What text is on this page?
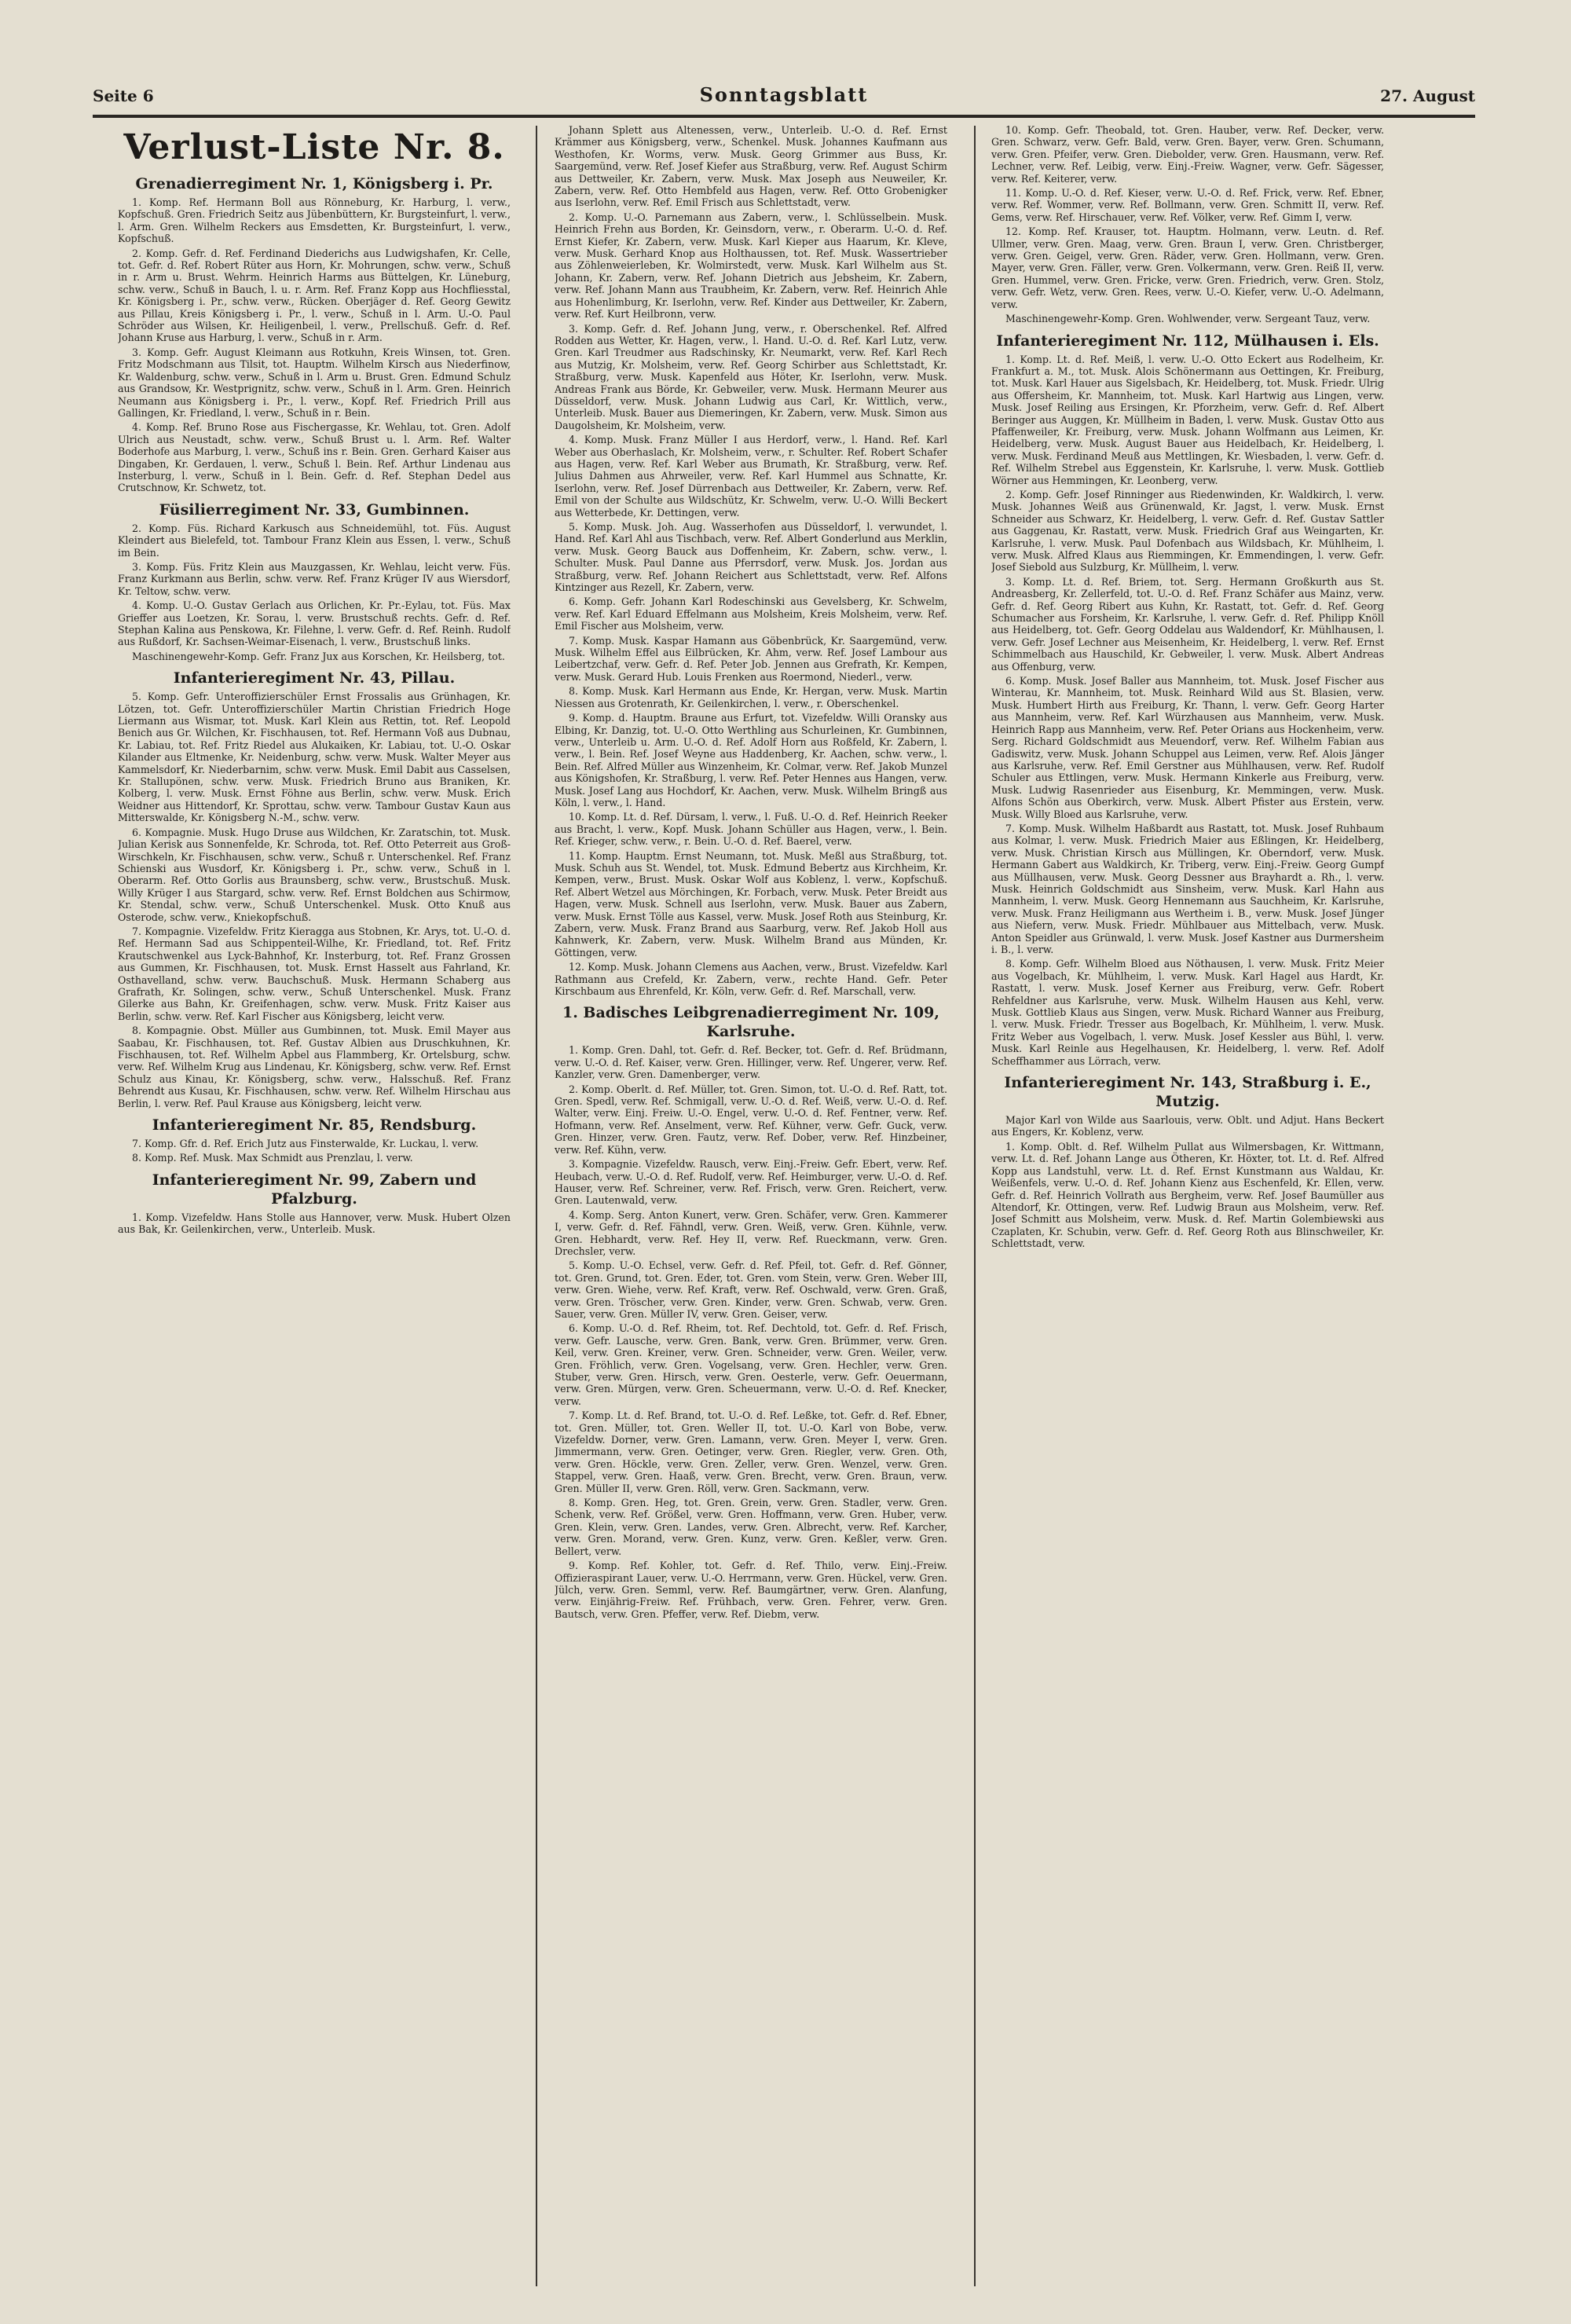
Seite 6	Sonntagsblatt	27. August
Verlust-Liste Nr. 8.
Grenadierregiment Nr. 1, Königsberg i. Pr.
1. Komp. Ref. Hermann Boll aus Rönneburg, Kr. Harburg, l. verw., Kopfschuß. Gren. Friedrich Seitz aus Jübenbüttern, Kr. Burgsteinfurt, l. verw., l. Arm. Gren. Wilhelm Reckers aus Emsdetten, Kr. Burgsteinfurt, l. verw., Kopfschuß.
2. Komp. Gefr. d. Ref. Ferdinand Diederichs aus Ludwigshafen, Kr. Celle, tot. Gefr. d. Ref. Robert Rüter aus Horn, Kr. Mohrungen, schw. verw., Schuß in r. Arm u. Brust. Wehrm. Heinrich Harms aus Büttelgen, Kr. Lüneburg, schw. verw., Schuß in Bauch, l. u. r. Arm. Ref. Franz Kopp aus Hochfliesstal, Kr. Königsberg i. Pr., schw. verw., Rücken. Oberjäger d. Ref. Georg Gewitz aus Pillau, Kreis Königsberg i. Pr., l. verw., Schuß in l. Arm. U.-O. Paul Schröder aus Wilsen, Kr. Heiligenbeil, l. verw., Prellschuß. Gefr. d. Ref. Johann Kruse aus Harburg, l. verw., Schuß in r. Arm.
3. Komp. Gefr. August Kleimann aus Rotkuhn, Kreis Winsen, tot. Gren. Fritz Modschmann aus Tilsit, tot. Hauptm. Wilhelm Kirsch aus Niederfinow, Kr. Waldenburg, schw. verw., Schuß in l. Arm u. Brust. Gren. Edmund Schulz aus Grandsow, Kr. Westprignitz, schw. verw., Schuß in l. Arm. Gren. Heinrich Neumann aus Königsberg i. Pr., l. verw., Kopf. Ref. Friedrich Prill aus Gallingen, Kr. Friedland, l. verw., Schuß in r. Bein.
4. Komp. Ref. Bruno Rose aus Fischergasse, Kr. Wehlau, tot. Gren. Adolf Ulrich aus Neustadt, schw. verw., Schuß Brust u. l. Arm. Ref. Walter Boderhofe aus Marburg, l. verw., Schuß ins r. Bein. Gren. Gerhard Kaiser aus Dingaben, Kr. Gerdauen, l. verw., Schuß l. Bein. Ref. Arthur Lindenau aus Insterburg, l. verw., Schuß in l. Bein. Gefr. d. Ref. Stephan Dedel aus Crutschnow, Kr. Schwetz, tot.
Füsilierregiment Nr. 33, Gumbinnen.
2. Komp. Füs. Richard Karkusch aus Schneidemühl, tot. Füs. August Kleindert aus Bielefeld, tot. Tambour Franz Klein aus Essen, l. verw., Schuß im Bein.
3. Komp. Füs. Fritz Klein aus Mauzgassen, Kr. Wehlau, leicht verw. Füs. Franz Kurkmann aus Berlin, schw. verw. Ref. Franz Krüger IV aus Wiersdorf, Kr. Teltow, schw. verw.
4. Komp. U.-O. Gustav Gerlach aus Orlichen, Kr. Pr.-Eylau, tot. Füs. Max Grieffer aus Loetzen, Kr. Sorau, l. verw. Brustschuß rechts. Gefr. d. Ref. Stephan Kalina aus Penskowa, Kr. Filehne, l. verw. Gefr. d. Ref. Reinh. Rudolf aus Rußdorf, Kr. Sachsen-Weimar-Eisenach, l. verw., Brustschuß links.
Maschinengewehr-Komp. Gefr. Franz Jux aus Korschen, Kr. Heilsberg, tot.
Infanterieregiment Nr. 43, Pillau.
5. Komp. Gefr. Unteroffizierschüler Ernst Frossalis aus Grünhagen, Kr. Lötzen, tot. Gefr. Unteroffizierschüler Martin Christian Friedrich Hoge Liermann aus Wismar, tot. Musk. Karl Klein aus Rettin, tot. Ref. Leopold Benich aus Gr. Wilchen, Kr. Fischhausen, tot. Ref. Hermann Voß aus Dubnau, Kr. Labiau, tot. Ref. Fritz Riedel aus Alukaiken, Kr. Labiau, tot. U.-O. Oskar Kilander aus Eltmenke, Kr. Neidenburg, schw. verw. Musk. Walter Meyer aus Kammelsdorf, Kr. Niederbarnim, schw. verw. Musk. Emil Dabit aus Casselsen, Kr. Stallupönen, schw. verw. Musk. Friedrich Bruno aus Braniken, Kr. Kolberg, l. verw. Musk. Ernst Föhne aus Berlin, schw. verw. Musk. Erich Weidner aus Hittendorf, Kr. Sprottau, schw. verw. Tambour Gustav Kaun aus Mitterswalde, Kr. Königsberg N.-M., schw. verw.
6. Kompagnie. Musk. Hugo Druse aus Wildchen, Kr. Zaratschin, tot. Musk. Julian Kerisk aus Sonnenfelde, Kr. Schroda, tot. Ref. Otto Peterreit aus Groß-Wirschkeln, Kr. Fischhausen, schw. verw., Schuß r. Unterschenkel. Ref. Franz Schienski aus Wusdorf, Kr. Königsberg i. Pr., schw. verw., Schuß in l. Oberarm. Ref. Otto Gorlis aus Braunsberg, schw. verw., Brustschuß. Musk. Willy Krüger I aus Stargard, schw. verw. Ref. Ernst Boldchen aus Schirmow, Kr. Stendal, schw. verw., Schuß Unterschenkel. Musk. Otto Knuß aus Osterode, schw. verw., Kniekopfschuß.
7. Kompagnie. Vizefeldw. Fritz Kieragga aus Stobnen, Kr. Arys, tot. U.-O. d. Ref. Hermann Sad aus Schippenteil-Wilhe, Kr. Friedland, tot. Ref. Fritz Krautschwenkel aus Lyck-Bahnhof, Kr. Insterburg, tot. Ref. Franz Grossen aus Gummen, Kr. Fischhausen, tot. Musk. Ernst Hasselt aus Fahrland, Kr. Osthavelland, schw. verw. Bauchschuß. Musk. Hermann Schaberg aus Grafrath, Kr. Solingen, schw. verw., Schuß Unterschenkel. Musk. Franz Gilerke aus Bahn, Kr. Greifenhagen, schw. verw. Musk. Fritz Kaiser aus Berlin, schw. verw. Ref. Karl Fischer aus Königsberg, leicht verw.
8. Kompagnie. Obst. Müller aus Gumbinnen, tot. Musk. Emil Mayer aus Saabau, Kr. Fischhausen, tot. Ref. Gustav Albien aus Druschkuhnen, Kr. Fischhausen, tot. Ref. Wilhelm Apbel aus Flammberg, Kr. Ortelsburg, schw. verw. Ref. Wilhelm Krug aus Lindenau, Kr. Königsberg, schw. verw. Ref. Ernst Schulz aus Kinau, Kr. Königsberg, schw. verw., Halsschuß. Ref. Franz Behrendt aus Kusau, Kr. Fischhausen, schw. verw. Ref. Wilhelm Hirschau aus Berlin, l. verw. Ref. Paul Krause aus Königsberg, leicht verw.
Infanterieregiment Nr. 85, Rendsburg.
7. Komp. Gfr. d. Ref. Erich Jutz aus Finsterwalde, Kr. Luckau, l. verw.
8. Komp. Ref. Musk. Max Schmidt aus Prenzlau, l. verw.
Infanterieregiment Nr. 99, Zabern und Pfalzburg.
1. Komp. Vizefeldw. Hans Stolle aus Hannover, verw. Musk. Hubert Olzen aus Bak, Kr. Geilenkirchen, verw., Unterleib. Musk.
Johann Splett aus Altenessen, verw., Unterleib. U.-O. d. Ref. Ernst Krämmer aus Königsberg, verw., Schenkel. Musk. Johannes Kaufmann aus Westhofen, Kr. Worms, verw. Musk. Georg Grimmer aus Buss, Kr. Saargemünd, verw. Ref. Josef Kiefer aus Straßburg, verw. Ref. August Schirm aus Dettweiler, Kr. Zabern, verw. Musk. Max Joseph aus Neuweiler, Kr. Zabern, verw. Ref. Otto Hembfeld aus Hagen, verw. Ref. Otto Grobenigker aus Iserlohn, verw. Ref. Emil Frisch aus Schlettstadt, verw.
2. Komp. U.-O. Parnemann aus Zabern, verw., l. Schlüsselbein. Musk. Heinrich Frehn aus Borden, Kr. Geinsdorn, verw., r. Oberarm. U.-O. d. Ref. Ernst Kiefer, Kr. Zabern, verw. Musk. Karl Kieper aus Haarum, Kr. Kleve, verw. Musk. Gerhard Knop aus Holthaussen, tot. Ref. Musk. Wassertrieber aus Zöhlenweierleben, Kr. Wolmirstedt, verw. Musk. Karl Wilhelm aus St. Johann, Kr. Zabern, verw. Ref. Johann Dietrich aus Jebsheim, Kr. Zabern, verw. Ref. Johann Mann aus Traubheim, Kr. Zabern, verw. Ref. Heinrich Ahle aus Hohenlimburg, Kr. Iserlohn, verw. Ref. Kinder aus Dettweiler, Kr. Zabern, verw. Ref. Kurt Heilbronn, verw.
3. Komp. Gefr. d. Ref. Johann Jung, verw., r. Oberschenkel. Ref. Alfred Rodden aus Wetter, Kr. Hagen, verw., l. Hand. U.-O. d. Ref. Karl Lutz, verw. Gren. Karl Treudmer aus Radschinsky, Kr. Neumarkt, verw. Ref. Karl Rech aus Mutzig, Kr. Molsheim, verw. Ref. Georg Schirber aus Schlettstadt, Kr. Straßburg, verw. Musk. Kapenfeld aus Höter, Kr. Iserlohn, verw. Musk. Andreas Frank aus Börde, Kr. Gebweiler, verw. Musk. Hermann Meurer aus Düsseldorf, verw. Musk. Johann Ludwig aus Carl, Kr. Wittlich, verw., Unterleib. Musk. Bauer aus Diemeringen, Kr. Zabern, verw. Musk. Simon aus Daugolsheim, Kr. Molsheim, verw.
4. Komp. Musk. Franz Müller I aus Herdorf, verw., l. Hand. Ref. Karl Weber aus Oberhaslach, Kr. Molsheim, verw., r. Schulter. Ref. Robert Schafer aus Hagen, verw. Ref. Karl Weber aus Brumath, Kr. Straßburg, verw. Ref. Julius Dahmen aus Ahrweiler, verw. Ref. Karl Hummel aus Schnatte, Kr. Iserlohn, verw. Ref. Josef Dürrenbach aus Dettweiler, Kr. Zabern, verw. Ref. Emil von der Schulte aus Wildschütz, Kr. Schwelm, verw. U.-O. Willi Beckert aus Wetterbede, Kr. Dettingen, verw.
5. Komp. Musk. Joh. Aug. Wasserhofen aus Düsseldorf, l. verwundet, l. Hand. Ref. Karl Ahl aus Tischbach, verw. Ref. Albert Gonderlund aus Merklin, verw. Musk. Georg Bauck aus Doffenheim, Kr. Zabern, schw. verw., l. Schulter. Musk. Paul Danne aus Pferrsdorf, verw. Musk. Jos. Jordan aus Straßburg, verw. Ref. Johann Reichert aus Schlettstadt, verw. Ref. Alfons Kintzinger aus Rezell, Kr. Zabern, verw.
6. Komp. Gefr. Johann Karl Rodeschinski aus Gevelsberg, Kr. Schwelm, verw. Ref. Karl Eduard Effelmann aus Molsheim, Kreis Molsheim, verw. Ref. Emil Fischer aus Molsheim, verw.
7. Komp. Musk. Kaspar Hamann aus Göbenbrück, Kr. Saargemünd, verw. Musk. Wilhelm Effel aus Eilbrücken, Kr. Ahm, verw. Ref. Josef Lambour aus Leibertzchaf, verw. Gefr. d. Ref. Peter Job. Jennen aus Grefrath, Kr. Kempen, verw. Musk. Gerard Hub. Louis Frenken aus Roermond, Niederl., verw.
8. Komp. Musk. Karl Hermann aus Ende, Kr. Hergan, verw. Musk. Martin Niessen aus Grotenrath, Kr. Geilenkirchen, l. verw., r. Oberschenkel.
9. Komp. d. Hauptm. Braune aus Erfurt, tot. Vizefeldw. Willi Oransky aus Elbing, Kr. Danzig, tot. U.-O. Otto Werthling aus Schurleinen, Kr. Gumbinnen, verw., Unterleib u. Arm. U.-O. d. Ref. Adolf Horn aus Roßfeld, Kr. Zabern, l. verw., l. Bein. Ref. Josef Weyne aus Haddenberg, Kr. Aachen, schw. verw., l. Bein. Ref. Alfred Müller aus Winzenheim, Kr. Colmar, verw. Ref. Jakob Munzel aus Königshofen, Kr. Straßburg, l. verw. Ref. Peter Hennes aus Hangen, verw. Musk. Josef Lang aus Hochdorf, Kr. Aachen, verw. Musk. Wilhelm Bringß aus Köln, l. verw., l. Hand.
10. Komp. Lt. d. Ref. Dürsam, l. verw., l. Fuß. U.-O. d. Ref. Heinrich Reeker aus Bracht, l. verw., Kopf. Musk. Johann Schüller aus Hagen, verw., l. Bein. Ref. Krieger, schw. verw., r. Bein. U.-O. d. Ref. Baerel, verw.
11. Komp. Hauptm. Ernst Neumann, tot. Musk. Meßl aus Straßburg, tot. Musk. Schuh aus St. Wendel, tot. Musk. Edmund Bebertz aus Kirchheim, Kr. Kempen, verw., Brust. Musk. Oskar Wolf aus Koblenz, l. verw., Kopfschuß. Ref. Albert Wetzel aus Mörchingen, Kr. Forbach, verw. Musk. Peter Breidt aus Hagen, verw. Musk. Schnell aus Iserlohn, verw. Musk. Bauer aus Zabern, verw. Musk. Ernst Tölle aus Kassel, verw. Musk. Josef Roth aus Steinburg, Kr. Zabern, verw. Musk. Franz Brand aus Saarburg, verw. Ref. Jakob Holl aus Kahnwerk, Kr. Zabern, verw. Musk. Wilhelm Brand aus Münden, Kr. Göttingen, verw.
12. Komp. Musk. Johann Clemens aus Aachen, verw., Brust. Vizefeldw. Karl Rathmann aus Crefeld, Kr. Zabern, verw., rechte Hand. Gefr. Peter Kirschbaum aus Ehrenfeld, Kr. Köln, verw. Gefr. d. Ref. Marschall, verw.
1. Badisches Leibgrenadierregiment Nr. 109, Karlsruhe.
1. Komp. Gren. Dahl, tot. Gefr. d. Ref. Becker, tot. Gefr. d. Ref. Brüdmann, verw. U.-O. d. Ref. Kaiser, verw. Gren. Hillinger, verw. Ref. Ungerer, verw. Ref. Kanzler, verw. Gren. Damenberger, verw.
2. Komp. Oberlt. d. Ref. Müller, tot. Gren. Simon, tot. U.-O. d. Ref. Ratt, tot. Gren. Spedl, verw. Ref. Schmigall, verw. U.-O. d. Ref. Weiß, verw. U.-O. d. Ref. Walter, verw. Einj. Freiw. U.-O. Engel, verw. U.-O. d. Ref. Fentner, verw. Ref. Hofmann, verw. Ref. Anselment, verw. Ref. Kühner, verw. Gefr. Guck, verw. Gren. Hinzer, verw. Gren. Fautz, verw. Ref. Dober, verw. Ref. Hinzbeiner, verw. Ref. Kühn, verw.
3. Kompagnie. Vizefeldw. Rausch, verw. Einj.-Freiw. Gefr. Ebert, verw. Ref. Heubach, verw. U.-O. d. Ref. Rudolf, verw. Ref. Heimburger, verw. U.-O. d. Ref. Hauser, verw. Ref. Schreiner, verw. Ref. Frisch, verw. Gren. Reichert, verw. Gren. Lautenwald, verw.
4. Komp. Serg. Anton Kunert, verw. Gren. Schäfer, verw. Gren. Kammerer I, verw. Gefr. d. Ref. Fähndl, verw. Gren. Weiß, verw. Gren. Kühnle, verw. Gren. Hebhardt, verw. Ref. Hey II, verw. Ref. Rueckmann, verw. Gren. Drechsler, verw.
5. Komp. U.-O. Echsel, verw. Gefr. d. Ref. Pfeil, tot. Gefr. d. Ref. Gönner, tot. Gren. Grund, tot. Gren. Eder, tot. Gren. vom Stein, verw. Gren. Weber III, verw. Gren. Wiehe, verw. Ref. Kraft, verw. Ref. Oschwald, verw. Gren. Graß, verw. Gren. Tröscher, verw. Gren. Kinder, verw. Gren. Schwab, verw. Gren. Sauer, verw. Gren. Müller IV, verw. Gren. Geiser, verw.
6. Komp. U.-O. d. Ref. Rheim, tot. Ref. Dechtold, tot. Gefr. d. Ref. Frisch, verw. Gefr. Lausche, verw. Gren. Bank, verw. Gren. Brümmer, verw. Gren. Keil, verw. Gren. Kreiner, verw. Gren. Schneider, verw. Gren. Weiler, verw. Gren. Fröhlich, verw. Gren. Vogelsang, verw. Gren. Hechler, verw. Gren. Stuber, verw. Gren. Hirsch, verw. Gren. Oesterle, verw. Gefr. Oeuermann, verw. Gren. Mürgen, verw. Gren. Scheuermann, verw. U.-O. d. Ref. Knecker, verw.
7. Komp. Lt. d. Ref. Brand, tot. U.-O. d. Ref. Leßke, tot. Gefr. d. Ref. Ebner, tot. Gren. Müller, tot. Gren. Weller II, tot. U.-O. Karl von Bobe, verw. Vizefeldw. Dorner, verw. Gren. Lamann, verw. Gren. Meyer I, verw. Gren. Jimmermann, verw. Gren. Oetinger, verw. Gren. Riegler, verw. Gren. Oth, verw. Gren. Höckle, verw. Gren. Zeller, verw. Gren. Wenzel, verw. Gren. Stappel, verw. Gren. Haaß, verw. Gren. Brecht, verw. Gren. Braun, verw. Gren. Müller II, verw. Gren. Röll, verw. Gren. Sackmann, verw.
8. Komp. Gren. Heg, tot. Gren. Grein, verw. Gren. Stadler, verw. Gren. Schenk, verw. Ref. Größel, verw. Gren. Hoffmann, verw. Gren. Huber, verw. Gren. Klein, verw. Gren. Landes, verw. Gren. Albrecht, verw. Ref. Karcher, verw. Gren. Morand, verw. Gren. Kunz, verw. Gren. Keßler, verw. Gren. Bellert, verw.
9. Komp. Ref. Kohler, tot. Gefr. d. Ref. Thilo, verw. Einj.-Freiw. Offizieraspirant Lauer, verw. U.-O. Herrmann, verw. Gren. Hückel, verw. Gren. Jülch, verw. Gren. Semml, verw. Ref. Baumgärtner, verw. Gren. Alanfung, verw. Einjährig-Freiw. Ref. Frühbach, verw. Gren. Fehrer, verw. Gren. Bautsch, verw. Gren. Pfeffer, verw. Ref. Diebm, verw.
10. Komp. Gefr. Theobald, tot. Gren. Hauber, verw. Ref. Decker, verw. Gren. Schwarz, verw. Gefr. Bald, verw. Gren. Bayer, verw. Gren. Schumann, verw. Gren. Pfeifer, verw. Gren. Diebolder, verw. Gren. Hausmann, verw. Ref. Lechner, verw. Ref. Leibig, verw. Einj.-Freiw. Wagner, verw. Gefr. Sägesser, verw. Ref. Keiterer, verw.
11. Komp. U.-O. d. Ref. Kieser, verw. U.-O. d. Ref. Frick, verw. Ref. Ebner, verw. Ref. Wommer, verw. Ref. Bollmann, verw. Gren. Schmitt II, verw. Ref. Gems, verw. Ref. Hirschauer, verw. Ref. Völker, verw. Ref. Gimm I, verw.
12. Komp. Ref. Krauser, tot. Hauptm. Holmann, verw. Leutn. d. Ref. Ullmer, verw. Gren. Maag, verw. Gren. Braun I, verw. Gren. Christberger, verw. Gren. Geigel, verw. Gren. Räder, verw. Gren. Hollmann, verw. Gren. Mayer, verw. Gren. Fäller, verw. Gren. Volkermann, verw. Gren. Reiß II, verw. Gren. Hummel, verw. Gren. Fricke, verw. Gren. Friedrich, verw. Gren. Stolz, verw. Gefr. Wetz, verw. Gren. Rees, verw. U.-O. Kiefer, verw. U.-O. Adelmann, verw.
Maschinengewehr-Komp. Gren. Wohlwender, verw. Sergeant Tauz, verw.
Infanterieregiment Nr. 112, Mülhausen i. Els.
1. Komp. Lt. d. Ref. Meiß, l. verw. U.-O. Otto Eckert aus Rodelheim, Kr. Frankfurt a. M., tot. Musk. Alois Schönermann aus Oettingen, Kr. Freiburg, tot. Musk. Karl Hauer aus Sigelsbach, Kr. Heidelberg, tot. Musk. Friedr. Ulrig aus Offersheim, Kr. Mannheim, tot. Musk. Karl Hartwig aus Lingen, verw. Musk. Josef Reiling aus Ersingen, Kr. Pforzheim, verw. Gefr. d. Ref. Albert Beringer aus Auggen, Kr. Müllheim in Baden, l. verw. Musk. Gustav Otto aus Pfaffenweiler, Kr. Freiburg, verw. Musk. Johann Wolfmann aus Leimen, Kr. Heidelberg, verw. Musk. August Bauer aus Heidelbach, Kr. Heidelberg, l. verw. Musk. Ferdinand Meuß aus Mettlingen, Kr. Wiesbaden, l. verw. Gefr. d. Ref. Wilhelm Strebel aus Eggenstein, Kr. Karlsruhe, l. verw. Musk. Gottlieb Wörner aus Hemmingen, Kr. Leonberg, verw.
2. Komp. Gefr. Josef Rinninger aus Riedenwinden, Kr. Waldkirch, l. verw. Musk. Johannes Weiß aus Grünenwald, Kr. Jagst, l. verw. Musk. Ernst Schneider aus Schwarz, Kr. Heidelberg, l. verw. Gefr. d. Ref. Gustav Sattler aus Gaggenau, Kr. Rastatt, verw. Musk. Friedrich Graf aus Weingarten, Kr. Karlsruhe, l. verw. Musk. Paul Dofenbach aus Wildsbach, Kr. Mühlheim, l. verw. Musk. Alfred Klaus aus Riemmingen, Kr. Emmendingen, l. verw. Gefr. Josef Siebold aus Sulzburg, Kr. Müllheim, l. verw.
3. Komp. Lt. d. Ref. Briem, tot. Serg. Hermann Großkurth aus St. Andreasberg, Kr. Zellerfeld, tot. U.-O. d. Ref. Franz Schäfer aus Mainz, verw. Gefr. d. Ref. Georg Ribert aus Kuhn, Kr. Rastatt, tot. Gefr. d. Ref. Georg Schumacher aus Forsheim, Kr. Karlsruhe, l. verw. Gefr. d. Ref. Philipp Knöll aus Heidelberg, tot. Gefr. Georg Oddelau aus Waldendorf, Kr. Mühlhausen, l. verw. Gefr. Josef Lechner aus Meisenheim, Kr. Heidelberg, l. verw. Ref. Ernst Schimmelbach aus Hauschild, Kr. Gebweiler, l. verw. Musk. Albert Andreas aus Offenburg, verw.
6. Komp. Musk. Josef Baller aus Mannheim, tot. Musk. Josef Fischer aus Winterau, Kr. Mannheim, tot. Musk. Reinhard Wild aus St. Blasien, verw. Musk. Humbert Hirth aus Freiburg, Kr. Thann, l. verw. Gefr. Georg Harter aus Mannheim, verw. Ref. Karl Würzhausen aus Mannheim, verw. Musk. Heinrich Rapp aus Mannheim, verw. Ref. Peter Orians aus Hockenheim, verw. Serg. Richard Goldschmidt aus Meuendorf, verw. Ref. Wilhelm Fabian aus Gadiswitz, verw. Musk. Johann Schuppel aus Leimen, verw. Ref. Alois Jänger aus Karlsruhe, verw. Ref. Emil Gerstner aus Mühlhausen, verw. Ref. Rudolf Schuler aus Ettlingen, verw. Musk. Hermann Kinkerle aus Freiburg, verw. Musk. Ludwig Rasenrieder aus Eisenburg, Kr. Memmingen, verw. Musk. Alfons Schön aus Oberkirch, verw. Musk. Albert Pfister aus Erstein, verw. Musk. Willy Bloed aus Karlsruhe, verw.
7. Komp. Musk. Wilhelm Haßbardt aus Rastatt, tot. Musk. Josef Ruhbaum aus Kolmar, l. verw. Musk. Friedrich Maier aus Eßlingen, Kr. Heidelberg, verw. Musk. Christian Kirsch aus Müllingen, Kr. Oberndorf, verw. Musk. Hermann Gabert aus Waldkirch, Kr. Triberg, verw. Einj.-Freiw. Georg Gumpf aus Müllhausen, verw. Musk. Georg Dessner aus Brayhardt a. Rh., l. verw. Musk. Heinrich Goldschmidt aus Sinsheim, verw. Musk. Karl Hahn aus Mannheim, l. verw. Musk. Georg Hennemann aus Sauchheim, Kr. Karlsruhe, verw. Musk. Franz Heiligmann aus Wertheim i. B., verw. Musk. Josef Jünger aus Niefern, verw. Musk. Friedr. Mühlbauer aus Mittelbach, verw. Musk. Anton Speidler aus Grünwald, l. verw. Musk. Josef Kastner aus Durmersheim i. B., l. verw.
8. Komp. Gefr. Wilhelm Bloed aus Nöthausen, l. verw. Musk. Fritz Meier aus Vogelbach, Kr. Mühlheim, l. verw. Musk. Karl Hagel aus Hardt, Kr. Rastatt, l. verw. Musk. Josef Kerner aus Freiburg, verw. Gefr. Robert Rehfeldner aus Karlsruhe, verw. Musk. Wilhelm Hausen aus Kehl, verw. Musk. Gottlieb Klaus aus Singen, verw. Musk. Richard Wanner aus Freiburg, l. verw. Musk. Friedr. Tresser aus Bogelbach, Kr. Mühlheim, l. verw. Musk. Fritz Weber aus Vogelbach, l. verw. Musk. Josef Kessler aus Bühl, l. verw. Musk. Karl Reinle aus Hegelhausen, Kr. Heidelberg, l. verw. Ref. Adolf Scheffhammer aus Lörrach, verw.
Infanterieregiment Nr. 143, Straßburg i. E., Mutzig.
Major Karl von Wilde aus Saarlouis, verw. Oblt. und Adjut. Hans Beckert aus Engers, Kr. Koblenz, verw.
1. Komp. Oblt. d. Ref. Wilhelm Pullat aus Wilmersbagen, Kr. Wittmann, verw. Lt. d. Ref. Johann Lange aus Ötheren, Kr. Höxter, tot. Lt. d. Ref. Alfred Kopp aus Landstuhl, verw. Lt. d. Ref. Ernst Kunstmann aus Waldau, Kr. Weißenfels, verw. U.-O. d. Ref. Johann Kienz aus Eschenfeld, Kr. Ellen, verw. Gefr. d. Ref. Heinrich Vollrath aus Bergheim, verw. Ref. Josef Baumüller aus Altendorf, Kr. Ottingen, verw. Ref. Ludwig Braun aus Molsheim, verw. Ref. Josef Schmitt aus Molsheim, verw. Musk. d. Ref. Martin Golembiewski aus Czaplaten, Kr. Schubin, verw. Gefr. d. Ref. Georg Roth aus Blinschweiler, Kr. Schlettstadt, verw.
